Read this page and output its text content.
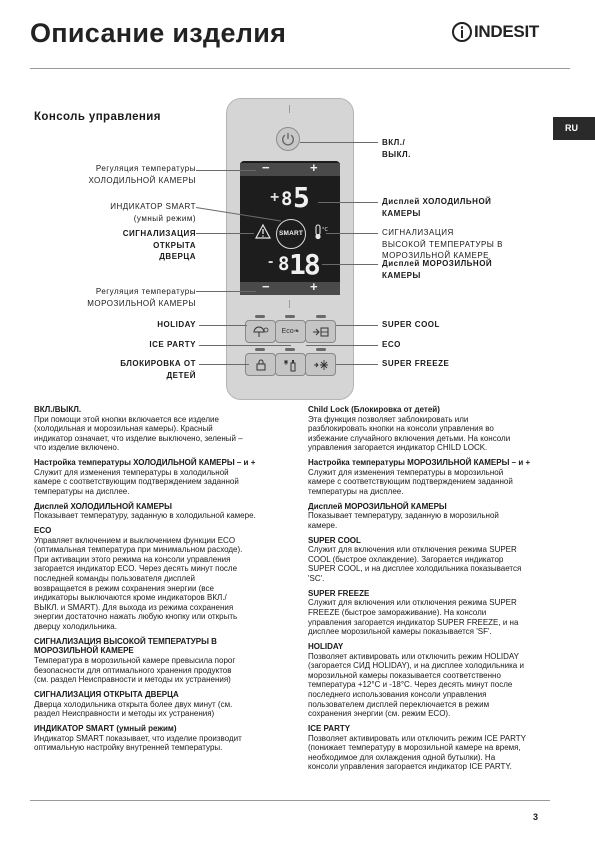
Описание изделия	INDESIT
RU
Консоль управления
−	+
+ 8 5
SMART	°C
- 8 18
−	+
Eco❧
Регуляция температуры
ХОЛОДИЛЬНОЙ КАМЕРЫ
ИНДИКАТОР SMART
(умный режим)
СИГНАЛИЗАЦИЯ
ОТКРЫТА
ДВЕРЦА
Регуляция температуры
МОРОЗИЛЬНОЙ КАМЕРЫ
HOLIDAY
ICE PARTY
БЛОКИРОВКА ОТ
ДЕТЕЙ
ВКЛ./
ВЫКЛ.
Дисплей ХОЛОДИЛЬНОЙ
КАМЕРЫ
СИГНАЛИЗАЦИЯ
ВЫСОКОЙ ТЕМПЕРАТУРЫ В
МОРОЗИЛЬНОЙ КАМЕРЕ
Дисплей МОРОЗИЛЬНОЙ
КАМЕРЫ
SUPER COOL
ECO
SUPER FREEZE

ВКЛ./ВЫКЛ.
При помощи этой кнопки включается все изделие
(холодильная и морозильная камеры). Красный
индикатор означает, что изделие выключено, зеленый –
что изделие включено.

Настройка температуры ХОЛОДИЛЬНОЙ КАМЕРЫ – и +
Служит для изменения температуры в холодильной
камере с соответствующим подтверждением заданной
температуры на дисплее.

Дисплей ХОЛОДИЛЬНОЙ КАМЕРЫ
Показывает температуру, заданную в холодильной камере.

ECO
Управляет включением и выключением функции ECO
(оптимальная температура при минимальном расходе).
При активации этого режима на консоли управления
загорается индикатор ECO. Через десять минут после
последней команды пользователя дисплей
возвращается в режим сохранения энергии (все
индикаторы выключаются кроме индикаторов ВКЛ./
ВЫКЛ. и SMART). Для выхода из режима сохранения
энергии достаточно нажать любую кнопку или открыть
дверцу холодильника.

СИГНАЛИЗАЦИЯ ВЫСОКОЙ ТЕМПЕРАТУРЫ В
МОРОЗИЛЬНОЙ КАМЕРЕ
Температура в морозильной камере превысила порог
безопасности для оптимального хранения продуктов
(см. раздел Неисправности и методы их устранения)

СИГНАЛИЗАЦИЯ ОТКРЫТА ДВЕРЦА
Дверца холодильника открыта более двух минут (см.
раздел Неисправности и методы их устранения)

ИНДИКАТОР SMART (умный режим)
Индикатор SMART показывает, что изделие производит
оптимальную настройку внутренней температуры.

Child Lock (Блокировка от детей)
Эта функция позволяет заблокировать или
разблокировать кнопки на консоли управления во
избежание случайного включения детьми. На консоли
управления загорается индикатор CHILD LOCK.

Настройка температуры МОРОЗИЛЬНОЙ КАМЕРЫ – и +
Служит для изменения температуры в морозильной
камере с соответствующим подтверждением заданной
температуры на дисплее.

Дисплей МОРОЗИЛЬНОЙ КАМЕРЫ
Показывает температуру, заданную в морозильной
камере.

SUPER COOL
Служит для включения или отключения режима SUPER
COOL (быстрое охлаждение). Загорается индикатор
SUPER COOL, и на дисплее холодильника показывается
'SC'.

SUPER FREEZE
Служит для включения или отключения режима SUPER
FREEZE (быстрое замораживание). На консоли
управления загорается индикатор SUPER FREEZE, и на
дисплее морозильной камеры показывается 'SF'.

HOLIDAY
Позволяет активировать или отключить режим HOLIDAY
(загорается СИД HOLIDAY), и на дисплее холодильника и
морозильной камеры показывается соответственно
температура +12°C и -18°C. Через десять минут после
последнего использования консоли управления
пользователем дисплей переключается в режим
сохранения энергии (см. режим ECO).

ICE PARTY
Позволяет активировать или отключить режим ICE PARTY
(понижает температуру в морозильной камере на время,
необходимое для охлаждения одной бутылки). На
консоли управления загорается индикатор ICE PARTY.

3
